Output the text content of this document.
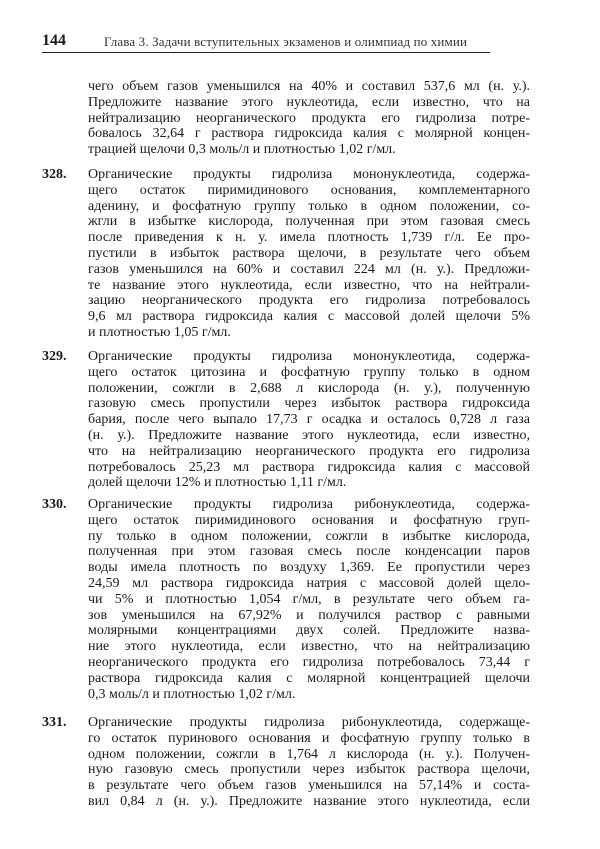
144	Глава 3. Задачи вступительных экзаменов и олимпиад по химии
чего объем газов уменьшился на 40% и составил 537,6 мл (н. у.).
Предложите название этого нуклеотида, если известно, что на
нейтрализацию неорганического продукта его гидролиза потре-
бовалось 32,64 г раствора гидроксида калия с молярной концен-
трацией щелочи 0,3 моль/л и плотностью 1,02 г/мл.
328. Органические продукты гидролиза мононуклеотида, содержа-
щего остаток пиримидинового основания, комплементарного
аденину, и фосфатную группу только в одном положении, со-
жгли в избытке кислорода, полученная при этом газовая смесь
после приведения к н. у. имела плотность 1,739 г/л. Ее про-
пустили в избыток раствора щелочи, в результате чего объем
газов уменьшился на 60% и составил 224 мл (н. у.). Предложи-
те название этого нуклеотида, если известно, что на нейтрали-
зацию неорганического продукта его гидролиза потребовалось
9,6 мл раствора гидроксида калия с массовой долей щелочи 5%
и плотностью 1,05 г/мл.
329. Органические продукты гидролиза мононуклеотида, содержа-
щего остаток цитозина и фосфатную группу только в одном
положении, сожгли в 2,688 л кислорода (н. у.), полученную
газовую смесь пропустили через избыток раствора гидроксида
бария, после чего выпало 17,73 г осадка и осталось 0,728 л газа
(н. у.). Предложите название этого нуклеотида, если известно,
что на нейтрализацию неорганического продукта его гидролиза
потребовалось 25,23 мл раствора гидроксида калия с массовой
долей щелочи 12% и плотностью 1,11 г/мл.
330. Органические продукты гидролиза рибонуклеотида, содержа-
щего остаток пиримидинового основания и фосфатную груп-
пу только в одном положении, сожгли в избытке кислорода,
полученная при этом газовая смесь после конденсации паров
воды имела плотность по воздуху 1,369. Ее пропустили через
24,59 мл раствора гидроксида натрия с массовой долей щело-
чи 5% и плотностью 1,054 г/мл, в результате чего объем га-
зов уменьшился на 67,92% и получился раствор с равными
молярными концентрациями двух солей. Предложите назва-
ние этого нуклеотида, если известно, что на нейтрализацию
неорганического продукта его гидролиза потребовалось 73,44 г
раствора гидроксида калия с молярной концентрацией щелочи
0,3 моль/л и плотностью 1,02 г/мл.
331. Органические продукты гидролиза рибонуклеотида, содержаще-
го остаток пуринового основания и фосфатную группу только в
одном положении, сожгли в 1,764 л кислорода (н. у.). Получен-
ную газовую смесь пропустили через избыток раствора щелочи,
в результате чего объем газов уменьшился на 57,14% и соста-
вил 0,84 л (н. у.). Предложите название этого нуклеотида, если
